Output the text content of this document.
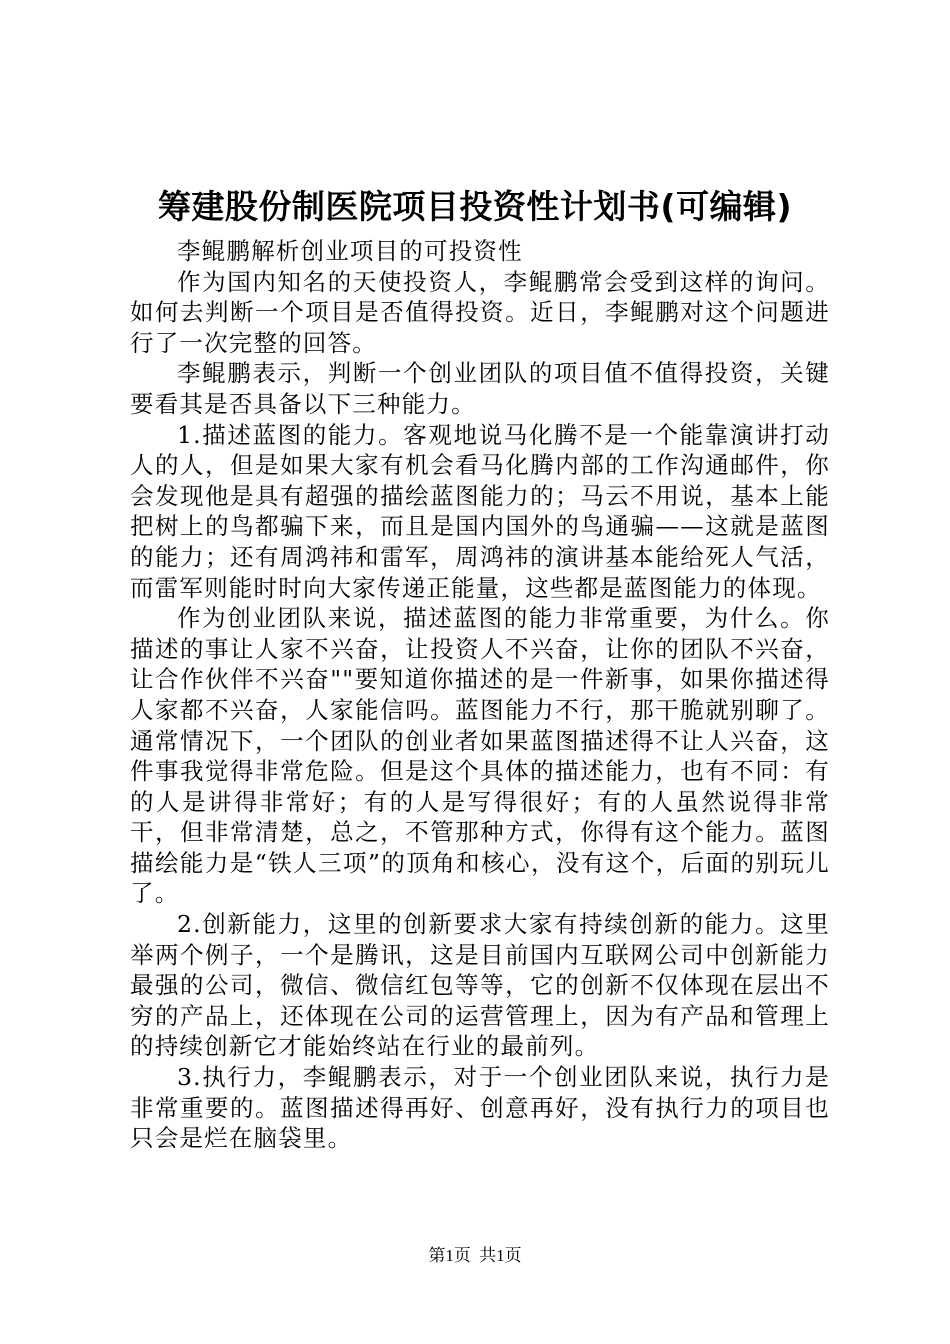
筹建股份制医院项目投资性计划书(可编辑)

李鲲鹏解析创业项目的可投资性

作为国内知名的天使投资人，李鲲鹏常会受到这样的询问。如何去判断一个项目是否值得投资。近日，李鲲鹏对这个问题进行了一次完整的回答。

李鲲鹏表示，判断一个创业团队的项目值不值得投资，关键要看其是否具备以下三种能力。

1.描述蓝图的能力。客观地说马化腾不是一个能靠演讲打动人的人，但是如果大家有机会看马化腾内部的工作沟通邮件，你会发现他是具有超强的描绘蓝图能力的；马云不用说，基本上能把树上的鸟都骗下来，而且是国内国外的鸟通骗——这就是蓝图的能力；还有周鸿祎和雷军，周鸿祎的演讲基本能给死人气活，而雷军则能时时向大家传递正能量，这些都是蓝图能力的体现。

作为创业团队来说，描述蓝图的能力非常重要，为什么。你描述的事让人家不兴奋，让投资人不兴奋，让你的团队不兴奋，让合作伙伴不兴奋""要知道你描述的是一件新事，如果你描述得人家都不兴奋，人家能信吗。蓝图能力不行，那干脆就别聊了。通常情况下，一个团队的创业者如果蓝图描述得不让人兴奋，这件事我觉得非常危险。但是这个具体的描述能力，也有不同：有的人是讲得非常好；有的人是写得很好；有的人虽然说得非常干，但非常清楚，总之，不管那种方式，你得有这个能力。蓝图描绘能力是“铁人三项”的顶角和核心，没有这个，后面的别玩儿了。

2.创新能力，这里的创新要求大家有持续创新的能力。这里举两个例子，一个是腾讯，这是目前国内互联网公司中创新能力最强的公司，微信、微信红包等等，它的创新不仅体现在层出不穷的产品上，还体现在公司的运营管理上，因为有产品和管理上的持续创新它才能始终站在行业的最前列。

3.执行力，李鲲鹏表示，对于一个创业团队来说，执行力是非常重要的。蓝图描述得再好、创意再好，没有执行力的项目也只会是烂在脑袋里。

第1页 共1页
